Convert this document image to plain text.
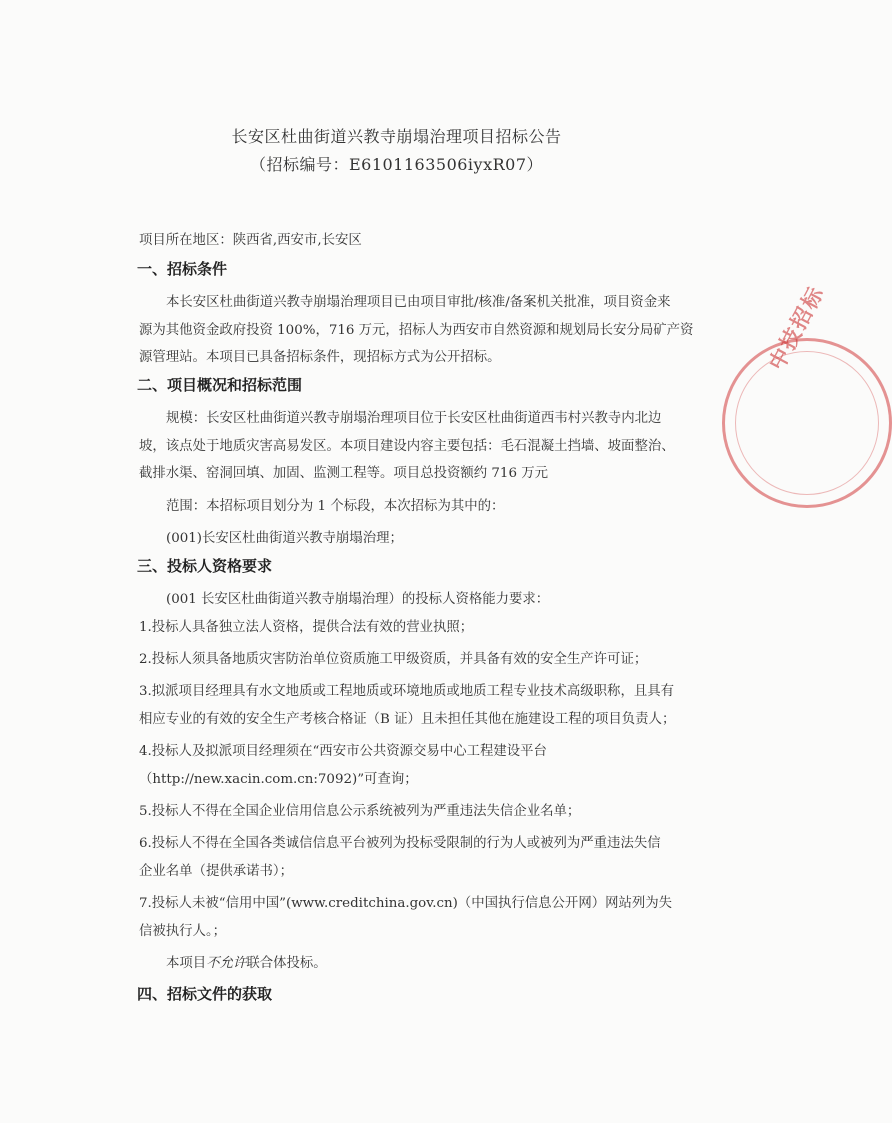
长安区杜曲街道兴教寺崩塌治理项目招标公告
（招标编号：E6101163506iyxR07）
项目所在地区：陕西省,西安市,长安区
一、招标条件
本长安区杜曲街道兴教寺崩塌治理项目已由项目审批/核准/备案机关批准，项目资金来
源为其他资金政府投资 100%，716 万元，招标人为西安市自然资源和规划局长安分局矿产资
源管理站。本项目已具备招标条件，现招标方式为公开招标。
二、项目概况和招标范围
规模：长安区杜曲街道兴教寺崩塌治理项目位于长安区杜曲街道西韦村兴教寺内北边
坡，该点处于地质灾害高易发区。本项目建设内容主要包括：毛石混凝土挡墙、坡面整治、
截排水渠、窑洞回填、加固、监测工程等。项目总投资额约 716 万元
范围：本招标项目划分为 1 个标段，本次招标为其中的：
(001)长安区杜曲街道兴教寺崩塌治理；
三、投标人资格要求
(001 长安区杜曲街道兴教寺崩塌治理）的投标人资格能力要求：
1.投标人具备独立法人资格，提供合法有效的营业执照；
2.投标人须具备地质灾害防治单位资质施工甲级资质，并具备有效的安全生产许可证；
3.拟派项目经理具有水文地质或工程地质或环境地质或地质工程专业技术高级职称，且具有
相应专业的有效的安全生产考核合格证（B 证）且未担任其他在施建设工程的项目负责人；
4.投标人及拟派项目经理须在“西安市公共资源交易中心工程建设平台
（http://new.xacin.com.cn:7092)”可查询；
5.投标人不得在全国企业信用信息公示系统被列为严重违法失信企业名单；
6.投标人不得在全国各类诚信信息平台被列为投标受限制的行为人或被列为严重违法失信
企业名单（提供承诺书）；
7.投标人未被“信用中国”(www.creditchina.gov.cn)（中国执行信息公开网）网站列为失
信被执行人。；
本项目不允许联合体投标。
四、招标文件的获取
中技招标
